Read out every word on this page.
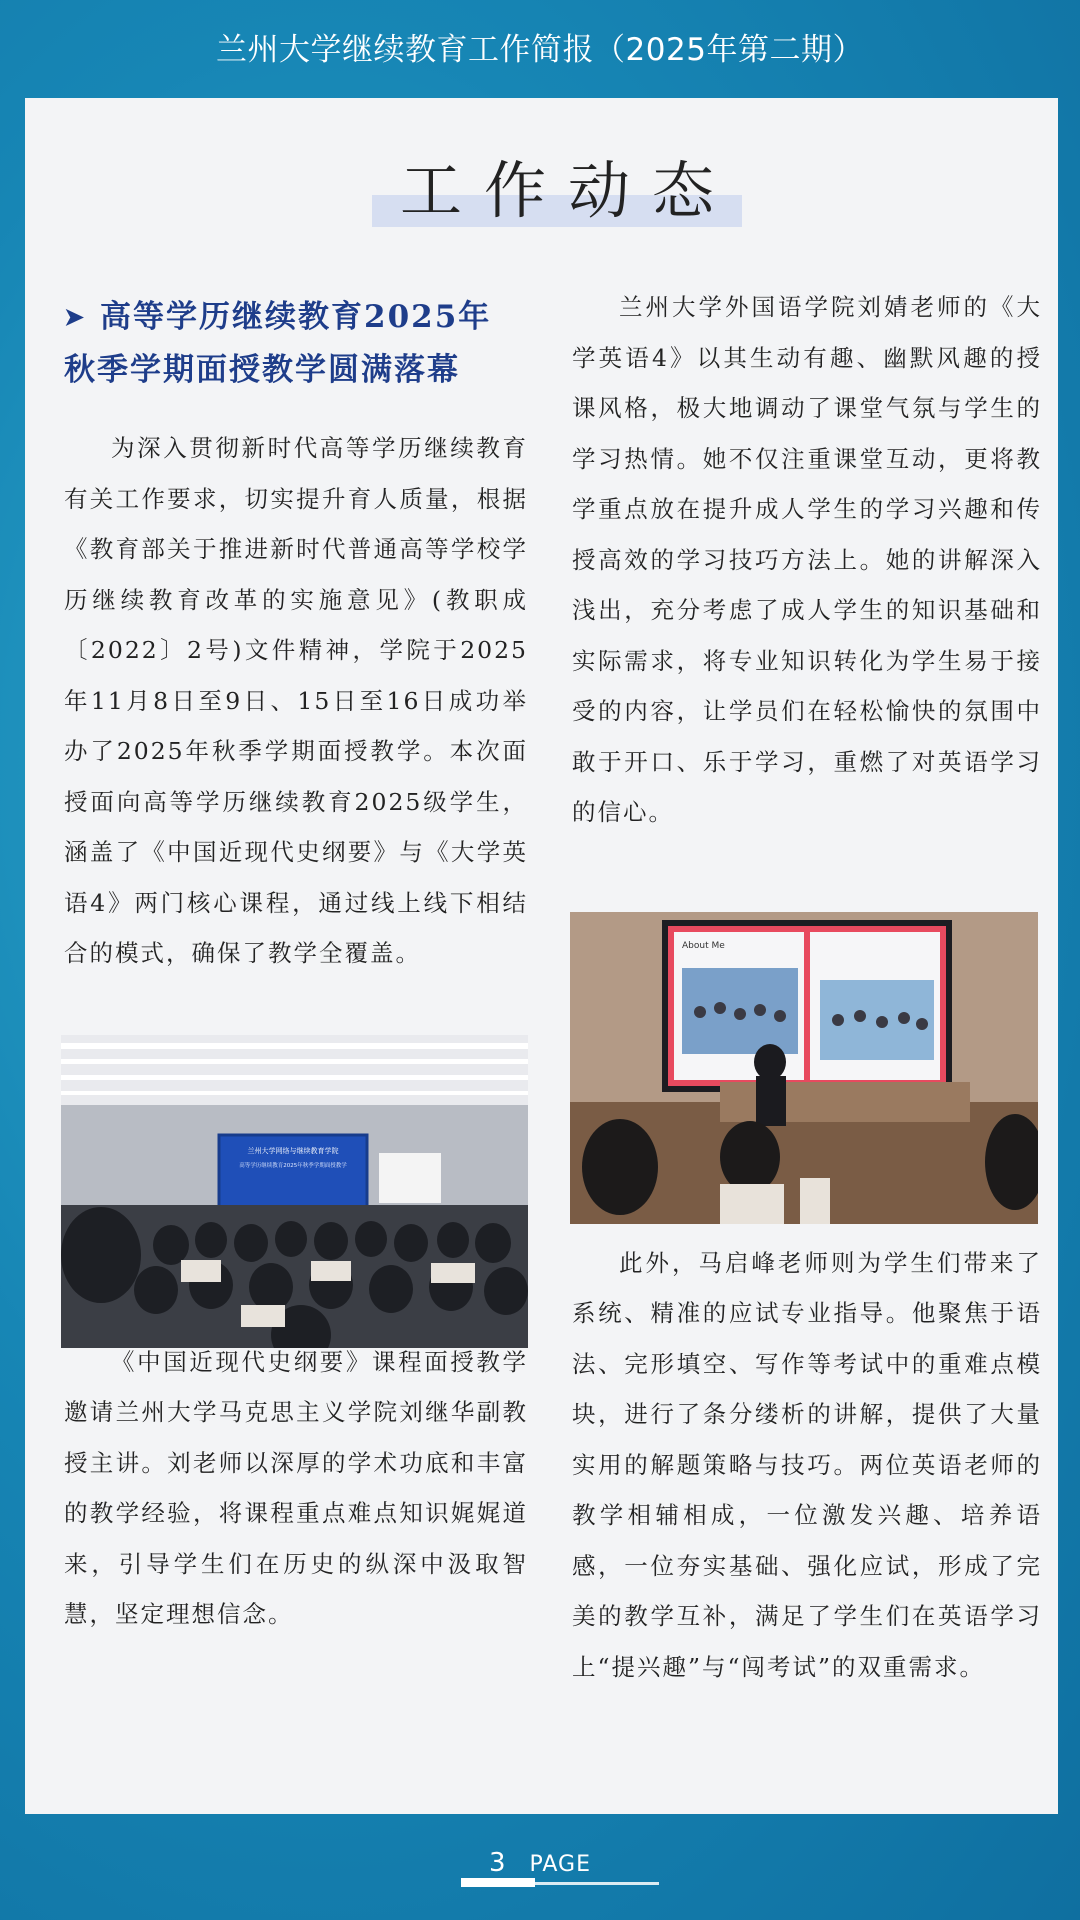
兰州大学继续教育工作简报（2025年第二期）
工作动态

➤ 高等学历继续教育2025年
秋季学期面授教学圆满落幕

为深入贯彻新时代高等学历继续教育有关工作要求，切实提升育人质量，根据《教育部关于推进新时代普通高等学校学历继续教育改革的实施意见》(教职成〔2022〕2号)文件精神，学院于2025年11月8日至9日、15日至16日成功举办了2025年秋季学期面授教学。本次面授面向高等学历继续教育2025级学生，涵盖了《中国近现代史纲要》与《大学英语4》两门核心课程，通过线上线下相结合的模式，确保了教学全覆盖。

《中国近现代史纲要》课程面授教学邀请兰州大学马克思主义学院刘继华副教授主讲。刘老师以深厚的学术功底和丰富的教学经验，将课程重点难点知识娓娓道来，引导学生们在历史的纵深中汲取智慧，坚定理想信念。

兰州大学外国语学院刘婧老师的《大学英语4》以其生动有趣、幽默风趣的授课风格，极大地调动了课堂气氛与学生的学习热情。她不仅注重课堂互动，更将教学重点放在提升成人学生的学习兴趣和传授高效的学习技巧方法上。她的讲解深入浅出，充分考虑了成人学生的知识基础和实际需求，将专业知识转化为学生易于接受的内容，让学员们在轻松愉快的氛围中敢于开口、乐于学习，重燃了对英语学习的信心。

此外，马启峰老师则为学生们带来了系统、精准的应试专业指导。他聚焦于语法、完形填空、写作等考试中的重难点模块，进行了条分缕析的讲解，提供了大量实用的解题策略与技巧。两位英语老师的教学相辅相成，一位激发兴趣、培养语感，一位夯实基础、强化应试，形成了完美的教学互补，满足了学生们在英语学习上“提兴趣”与“闯考试”的双重需求。

兰州大学网络与继续教育学院
高等学历继续教育2025年秋季学期面授教学
About Me
3 PAGE
